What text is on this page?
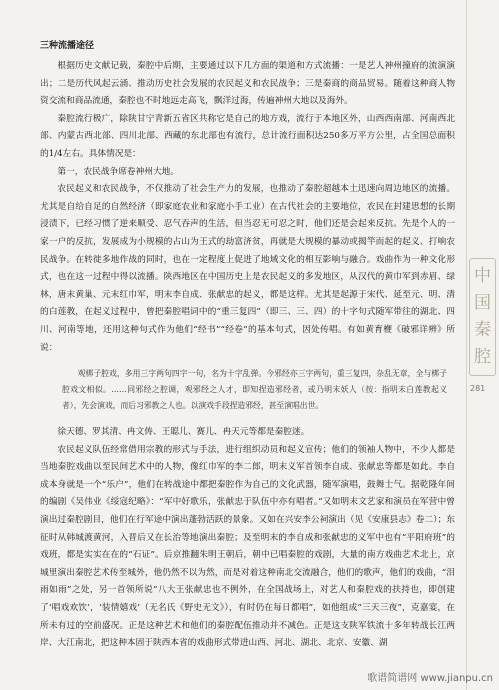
三种流播途径

根据历史文献记载，秦腔中后期，主要通过以下几方面的渠道和方式流播：一是艺人神州撞府的流演演出；二是历代风起云涌、推动历史社会发展的农民起义和农民战争；三是秦商的商品贸易。随着这种商人物资交流和商品流通，秦腔也不时地远走高飞，飘洋过海，传遍神州大地以及海外。

秦腔流行极广，除陕甘宁青新五省区共称它是自己的地方戏，流行于本地区外，山西西南部、河南西北部、内蒙古西北部、四川北部、西藏的东北部也有流行，总计流行面积达250多万平方公里，占全国总面积的1/4左右。具体情况是：

第一，农民战争席卷神州大地。

农民起义和农民战争，不仅推动了社会生产力的发展，也推动了秦腔超越本土迅速向周边地区的流播。尤其是自给自足的自然经济（即家庭农业和家庭小手工业）在古代社会的主要地位，农民在封建思想的长期浸渍下，已经习惯了逆来顺受、忍气吞声的生活，但当忍无可忍之时，他们还是会起来反抗。先是个人的一家一户的反抗，发展成为小规模的占山为王式的劫富济贫，再就是大规模的暴动或揭竿而起的起义、打响农民战争。在转徙多地作战的同时，也在一定程度上促进了地域文化的相互影响与融合。戏曲作为一种文化形式，也在这一过程中得以流播。陕西地区在中国历史上是农民起义的多发地区，从汉代的黄巾军到赤眉、绿林，唐末黄巢、元末红巾军，明末李自成、张献忠的起义，都是这样。尤其是起源于宋代、延至元、明、清的白莲教，在起义过程中，曾把秦腔唱词中的“重三复四”（即三、三、四）的十字句式随军带往的湖北、四川、河南等地，还用这种句式作为他们“经书”“经卷”的基本句式，因处传唱。有如黄育楩《破邪详辨》所说：

观梆子腔戏，多用三字两句四字一句，名为十字乱弹。今邪经亦三字两句，重三复四，杂乱无章，全与梆子腔戏文相似。……同邪经之腔调，观邪经之人才，即知捏造邪经者，或乃明末妖人（按：指明末白莲教起义者），先会演戏，而后习邪教之人也。以演戏手段捏造邪经，甚至演唱出世。

徐天德、罗其清、冉文俦、王聪儿、赛儿、冉天元等都是秦腔迷。

农民起义队伍经常借用宗教的形式与手法，进行组织动员和起义宣传；他们的领袖人物中，不少人都是当地秦腔戏曲以至民间艺术中的人物，像红巾军的李二郎，明末义军首领李自成、张献忠等都是如此。李自成本身就是一个“乐户”，他们在转战途中都把秦腔作为自己的文化武器，随军演唱，鼓舞士气。据乾隆年间的编剧《吴伟业《绥寇纪略》：“军中好歌乐，张献忠于队伍中亦有唱者。”又如明末文艺家和演员在军营中曾演出过秦腔剧目，他们在行军途中演出蓬勃活跃的景象。又如在兴安李公祠演出（见《安康县志》卷二）；东征时从韩城渡黄河，入晋后又在长治等地演出秦腔；及至明末的李自成和张献忠的义军中也有“平阳府班”的戏班，都是实实在在的“石证”。后京推翻朱明王朝后，朝中已唱秦腔的戏剧，大量的南方戏曲艺术北上，京城里演出秦腔艺术传至城外，他仍然不以为然，而是对着这种南北交流融合，他们的歌声，他们的戏曲，“泪雨如雨”之处，另一首领所说“八大王张献忠也不例外，在全国战场上，对艺人和秦腔戏的扶持也，即创建了‘唱戏欢饮’，‘装情嬉戏’（无名氏《野史无文》），有时仍在每日都唱”，如他组成“三天三夜”，克嘉宴，在所未有过的空前盛况。正是这种艺术和他们的秦腔配伍推动并不减色。正是这支陕军铁流十多年转战长江两岸、大江南北，把这种本固于陕西本省的戏曲形式带进山西、河北、湖北、北京、安徽、湖

中
国
秦
腔
281
歌谱简谱网 www.jianpu.cn
